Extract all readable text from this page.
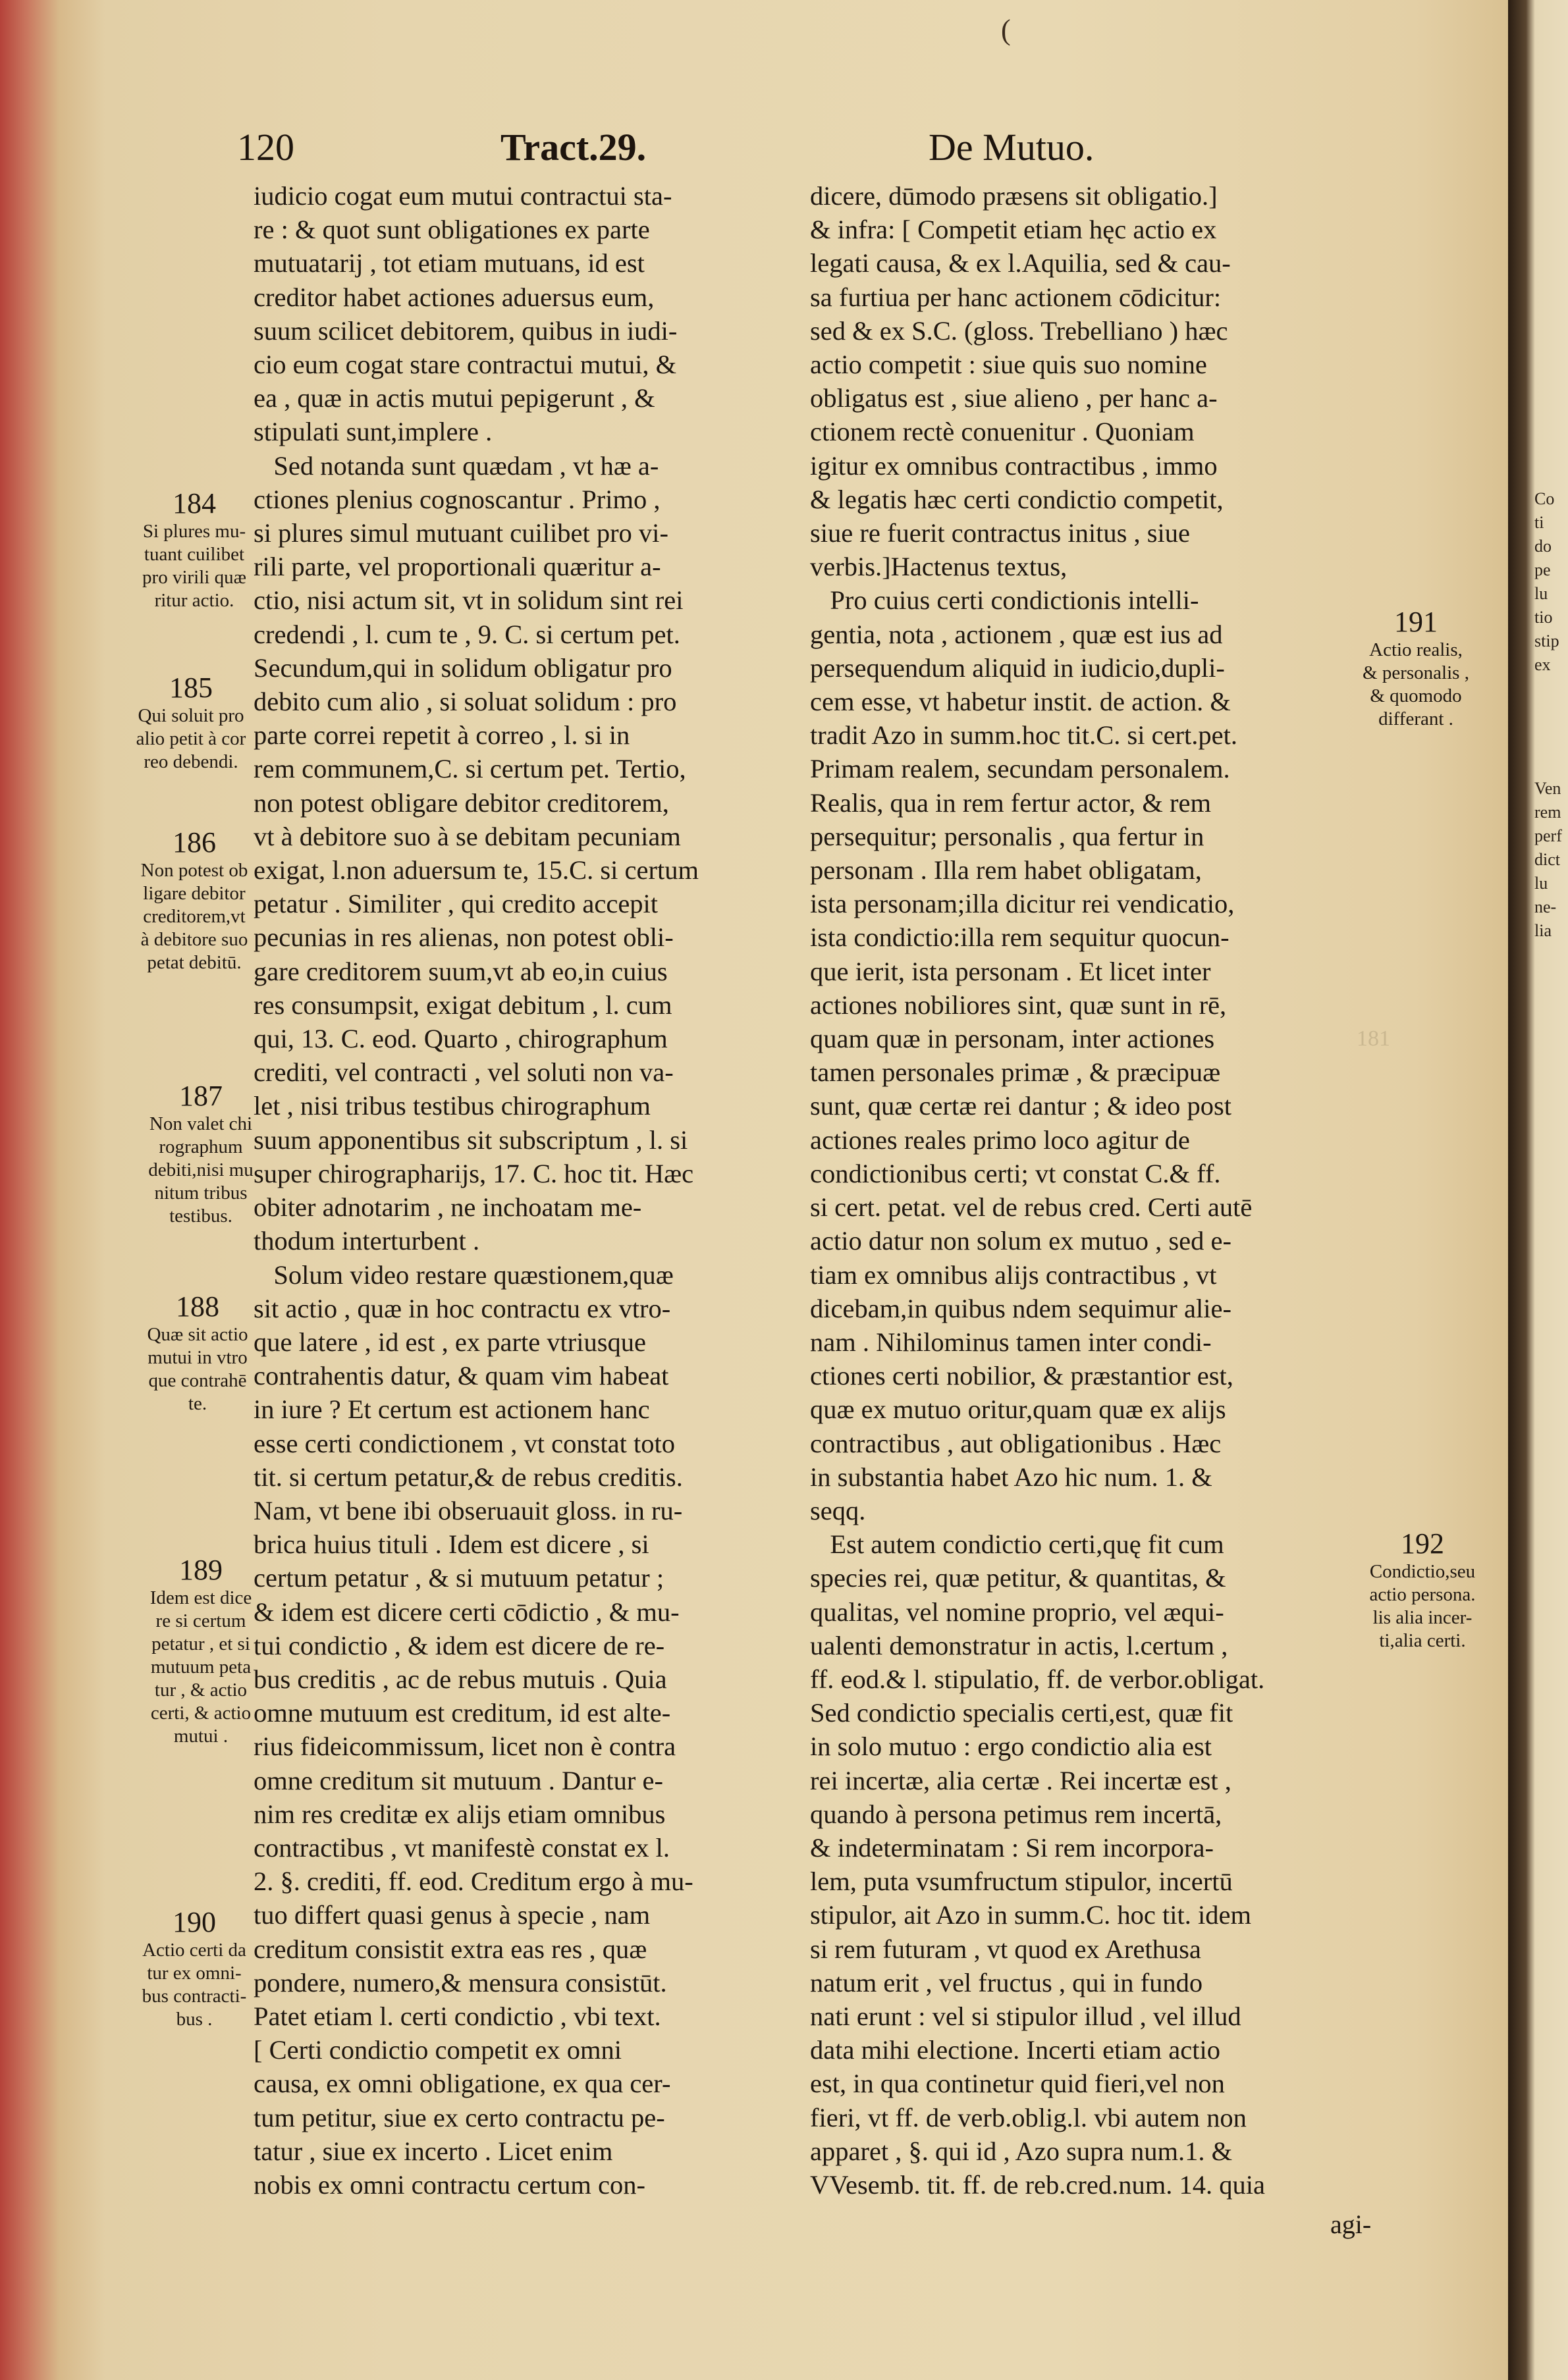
(
120	Tract.29.	De Mutuo.
iudicio cogat eum mutui contractui sta-
re : & quot sunt obligationes ex parte
mutuatarij , tot etiam mutuans, id est
creditor habet actiones aduersus eum,
suum scilicet debitorem, quibus in iudi-
cio eum cogat stare contractui mutui, &
ea , quæ in actis mutui pepigerunt , &
stipulati sunt,implere .
Sed notanda sunt quædam , vt hæ a-
ctiones plenius cognoscantur . Primo ,
si plures simul mutuant cuilibet pro vi-
rili parte, vel proportionali quæritur a-
ctio, nisi actum sit, vt in solidum sint rei
credendi , l. cum te , 9. C. si certum pet.
Secundum,qui in solidum obligatur pro
debito cum alio , si soluat solidum : pro
parte correi repetit à correo , l. si in
rem communem,C. si certum pet. Tertio,
non potest obligare debitor creditorem,
vt à debitore suo à se debitam pecuniam
exigat, l.non aduersum te, 15.C. si certum
petatur . Similiter , qui credito accepit
pecunias in res alienas, non potest obli-
gare creditorem suum,vt ab eo,in cuius
res consumpsit, exigat debitum , l. cum
qui, 13. C. eod. Quarto , chirographum
crediti, vel contracti , vel soluti non va-
let , nisi tribus testibus chirographum
suum apponentibus sit subscriptum , l. si
super chirographarijs, 17. C. hoc tit. Hæc
obiter adnotarim , ne inchoatam me-
thodum interturbent .
Solum video restare quæstionem,quæ
sit actio , quæ in hoc contractu ex vtro-
que latere , id est , ex parte vtriusque
contrahentis datur, & quam vim habeat
in iure ? Et certum est actionem hanc
esse certi condictionem , vt constat toto
tit. si certum petatur,& de rebus creditis.
Nam, vt bene ibi obseruauit gloss. in ru-
brica huius tituli . Idem est dicere , si
certum petatur , & si mutuum petatur ;
& idem est dicere certi cōdictio , & mu-
tui condictio , & idem est dicere de re-
bus creditis , ac de rebus mutuis . Quia
omne mutuum est creditum, id est alte-
rius fideicommissum, licet non è contra
omne creditum sit mutuum . Dantur e-
nim res creditæ ex alijs etiam omnibus
contractibus , vt manifestè constat ex l.
2. §. crediti, ff. eod. Creditum ergo à mu-
tuo differt quasi genus à specie , nam
creditum consistit extra eas res , quæ
pondere, numero,& mensura consistūt.
Patet etiam l. certi condictio , vbi text.
[ Certi condictio competit ex omni
causa, ex omni obligatione, ex qua cer-
tum petitur, siue ex certo contractu pe-
tatur , siue ex incerto . Licet enim
nobis ex omni contractu certum con-
dicere, dūmodo præsens sit obligatio.]
& infra: [ Competit etiam hęc actio ex
legati causa, & ex l.Aquilia, sed & cau-
sa furtiua per hanc actionem cōdicitur:
sed & ex S.C. (gloss. Trebelliano ) hæc
actio competit : siue quis suo nomine
obligatus est , siue alieno , per hanc a-
ctionem rectè conuenitur . Quoniam
igitur ex omnibus contractibus , immo
& legatis hæc certi condictio competit,
siue re fuerit contractus initus , siue
verbis.]Hactenus textus,
Pro cuius certi condictionis intelli-
gentia, nota , actionem , quæ est ius ad
persequendum aliquid in iudicio,dupli-
cem esse, vt habetur instit. de action. &
tradit Azo in summ.hoc tit.C. si cert.pet.
Primam realem, secundam personalem.
Realis, qua in rem fertur actor, & rem
persequitur; personalis , qua fertur in
personam . Illa rem habet obligatam,
ista personam;illa dicitur rei vendicatio,
ista condictio:illa rem sequitur quocun-
que ierit, ista personam . Et licet inter
actiones nobiliores sint, quæ sunt in rē,
quam quæ in personam, inter actiones
tamen personales primæ , & præcipuæ
sunt, quæ certæ rei dantur ; & ideo post
actiones reales primo loco agitur de
condictionibus certi; vt constat C.& ff.
si cert. petat. vel de rebus cred. Certi autē
actio datur non solum ex mutuo , sed e-
tiam ex omnibus alijs contractibus , vt
dicebam,in quibus ndem sequimur alie-
nam . Nihilominus tamen inter condi-
ctiones certi nobilior, & præstantior est,
quæ ex mutuo oritur,quam quæ ex alijs
contractibus , aut obligationibus . Hæc
in substantia habet Azo hic num. 1. &
seqq.
Est autem condictio certi,quę fit cum
species rei, quæ petitur, & quantitas, &
qualitas, vel nomine proprio, vel æqui-
ualenti demonstratur in actis, l.certum ,
ff. eod.& l. stipulatio, ff. de verbor.obligat.
Sed condictio specialis certi,est, quæ fit
in solo mutuo : ergo condictio alia est
rei incertæ, alia certæ . Rei incertæ est ,
quando à persona petimus rem incertā,
& indeterminatam : Si rem incorpora-
lem, puta vsumfructum stipulor, incertū
stipulor, ait Azo in summ.C. hoc tit. idem
si rem futuram , vt quod ex Arethusa
natum erit , vel fructus , qui in fundo
nati erunt : vel si stipulor illud , vel illud
data mihi electione. Incerti etiam actio
est, in qua continetur quid fieri,vel non
fieri, vt ff. de verb.oblig.l. vbi autem non
apparet , §. qui id , Azo supra num.1. &
VVesemb. tit. ff. de reb.cred.num. 14. quia

184
Si plures mu-
tuant cuilibet
pro virili quæ
ritur actio.

185
Qui soluit pro
alio petit à cor
reo debendi.

186
Non potest ob
ligare debitor
creditorem,vt
à debitore suo
petat debitū.

187
Non valet chi
rographum
debiti,nisi mu
nitum tribus
testibus.

188
Quæ sit actio
mutui in vtro
que contrahē
te.

189
Idem est dice
re si certum
petatur , et si
mutuum peta
tur , & actio
certi, & actio
mutui .

190
Actio certi da
tur ex omni-
bus contracti-
bus .

191
Actio realis,
& personalis ,
& quomodo
differant .

192
Condictio,seu
actio persona.
lis alia incer-
ti,alia certi.

181
agi-
Co
ti
do
pe
lu
tio
stip
ex
Ven
rem
perf
dict
lu
ne-
lia
